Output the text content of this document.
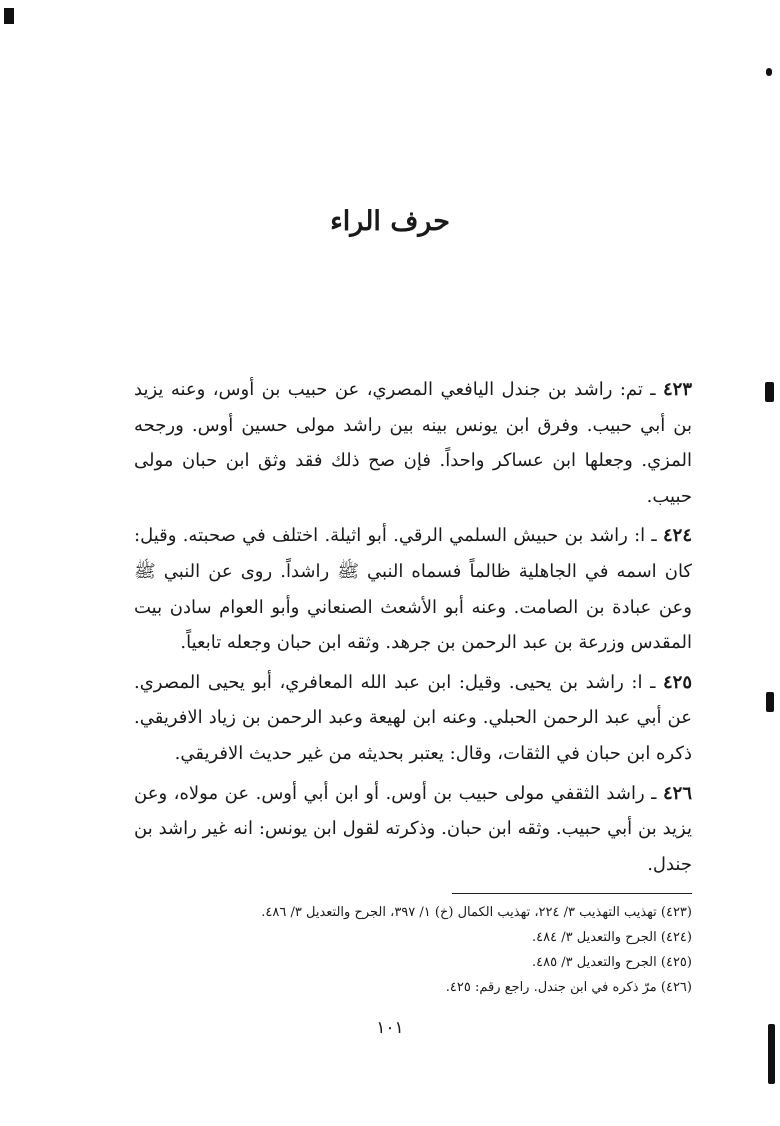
حرف الراء

٤٢٣ ـ تم: راشد بن جندل اليافعي المصري، عن حبيب بن أوس، وعنه يزيد بن أبي حبيب. وفرق ابن يونس بينه بين راشد مولى حسين أوس. ورجحه المزي. وجعلها ابن عساكر واحداً. فإن صح ذلك فقد وثق ابن حبان مولى حبيب.

٤٢٤ ـ ا: راشد بن حبيش السلمي الرقي. أبو اثيلة. اختلف في صحبته. وقيل: كان اسمه في الجاهلية ظالماً فسماه النبي ﷺ راشداً. روى عن النبي ﷺ وعن عبادة بن الصامت. وعنه أبو الأشعث الصنعاني وأبو العوام سادن بيت المقدس وزرعة بن عبد الرحمن بن جرهد. وثقه ابن حبان وجعله تابعياً.

٤٢٥ ـ ا: راشد بن يحيى. وقيل: ابن عبد الله المعافري، أبو يحيى المصري. عن أبي عبد الرحمن الحبلي. وعنه ابن لهيعة وعبد الرحمن بن زياد الافريقي. ذكره ابن حبان في الثقات، وقال: يعتبر بحديثه من غير حديث الافريقي.

٤٢٦ ـ راشد الثقفي مولى حبيب بن أوس. أو ابن أبي أوس. عن مولاه، وعن يزيد بن أبي حبيب. وثقه ابن حبان. وذكرته لقول ابن يونس: انه غير راشد بن جندل.

(٤٢٣) تهذيب التهذيب ٣/ ٢٢٤، تهذيب الكمال (خ) ١/ ٣٩٧، الجرح والتعديل ٣/ ٤٨٦.
(٤٢٤) الجرح والتعديل ٣/ ٤٨٤.
(٤٢٥) الجرح والتعديل ٣/ ٤٨٥.
(٤٢٦) مرّ ذكره في ابن جندل. راجع رقم: ٤٢٥.
١٠١
